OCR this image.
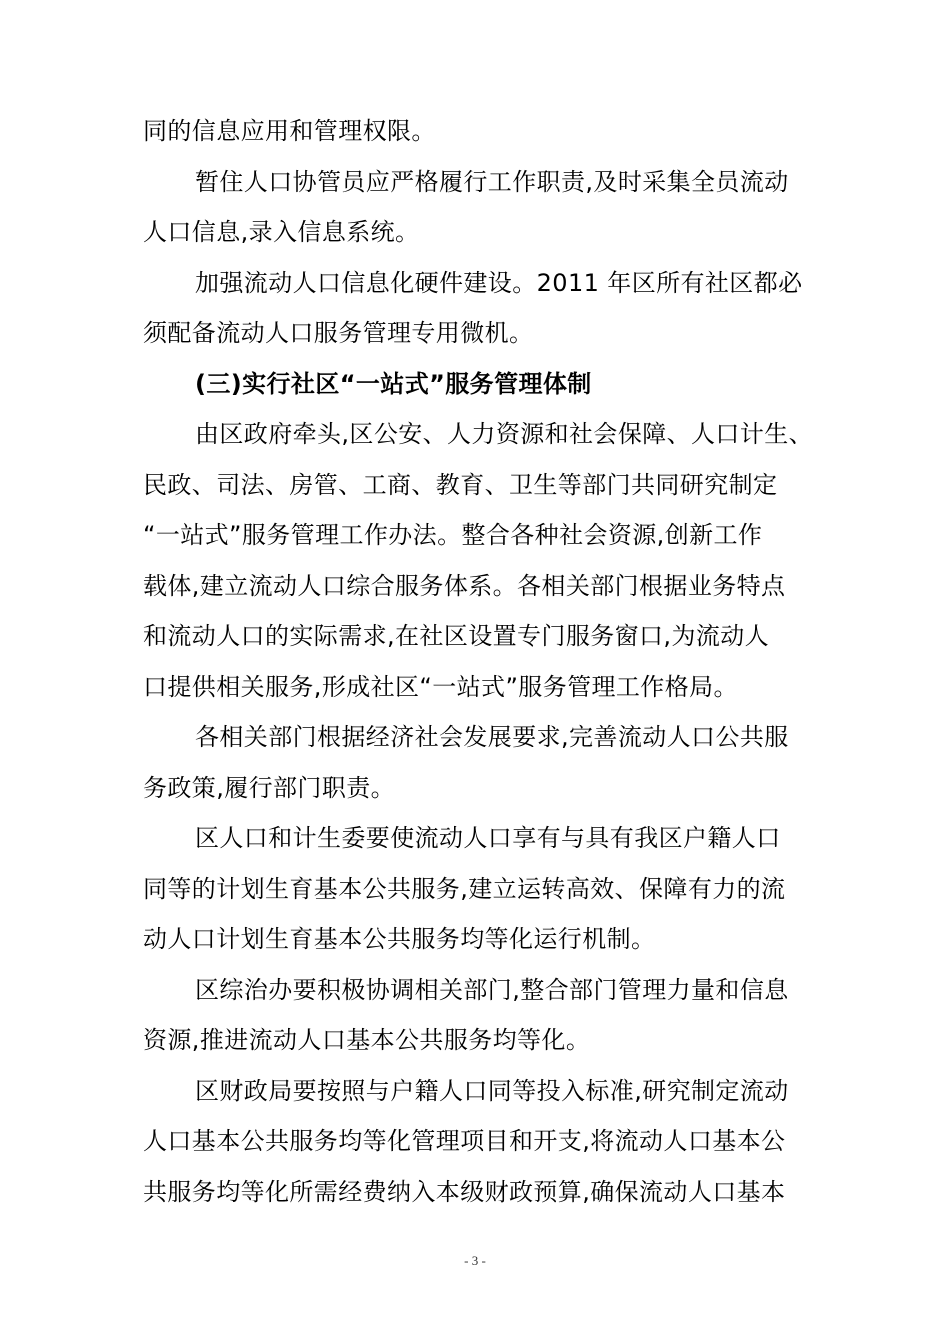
同的信息应用和管理权限。
暂住人口协管员应严格履行工作职责,及时采集全员流动
人口信息,录入信息系统。
加强流动人口信息化硬件建设。2011 年区所有社区都必
须配备流动人口服务管理专用微机。
(三)实行社区“一站式”服务管理体制
由区政府牵头,区公安、人力资源和社会保障、人口计生、
民政、司法、房管、工商、教育、卫生等部门共同研究制定
“一站式”服务管理工作办法。整合各种社会资源,创新工作
载体,建立流动人口综合服务体系。各相关部门根据业务特点
和流动人口的实际需求,在社区设置专门服务窗口,为流动人
口提供相关服务,形成社区“一站式”服务管理工作格局。
各相关部门根据经济社会发展要求,完善流动人口公共服
务政策,履行部门职责。
区人口和计生委要使流动人口享有与具有我区户籍人口
同等的计划生育基本公共服务,建立运转高效、保障有力的流
动人口计划生育基本公共服务均等化运行机制。
区综治办要积极协调相关部门,整合部门管理力量和信息
资源,推进流动人口基本公共服务均等化。
区财政局要按照与户籍人口同等投入标准,研究制定流动
人口基本公共服务均等化管理项目和开支,将流动人口基本公
共服务均等化所需经费纳入本级财政预算,确保流动人口基本
- 3 -
